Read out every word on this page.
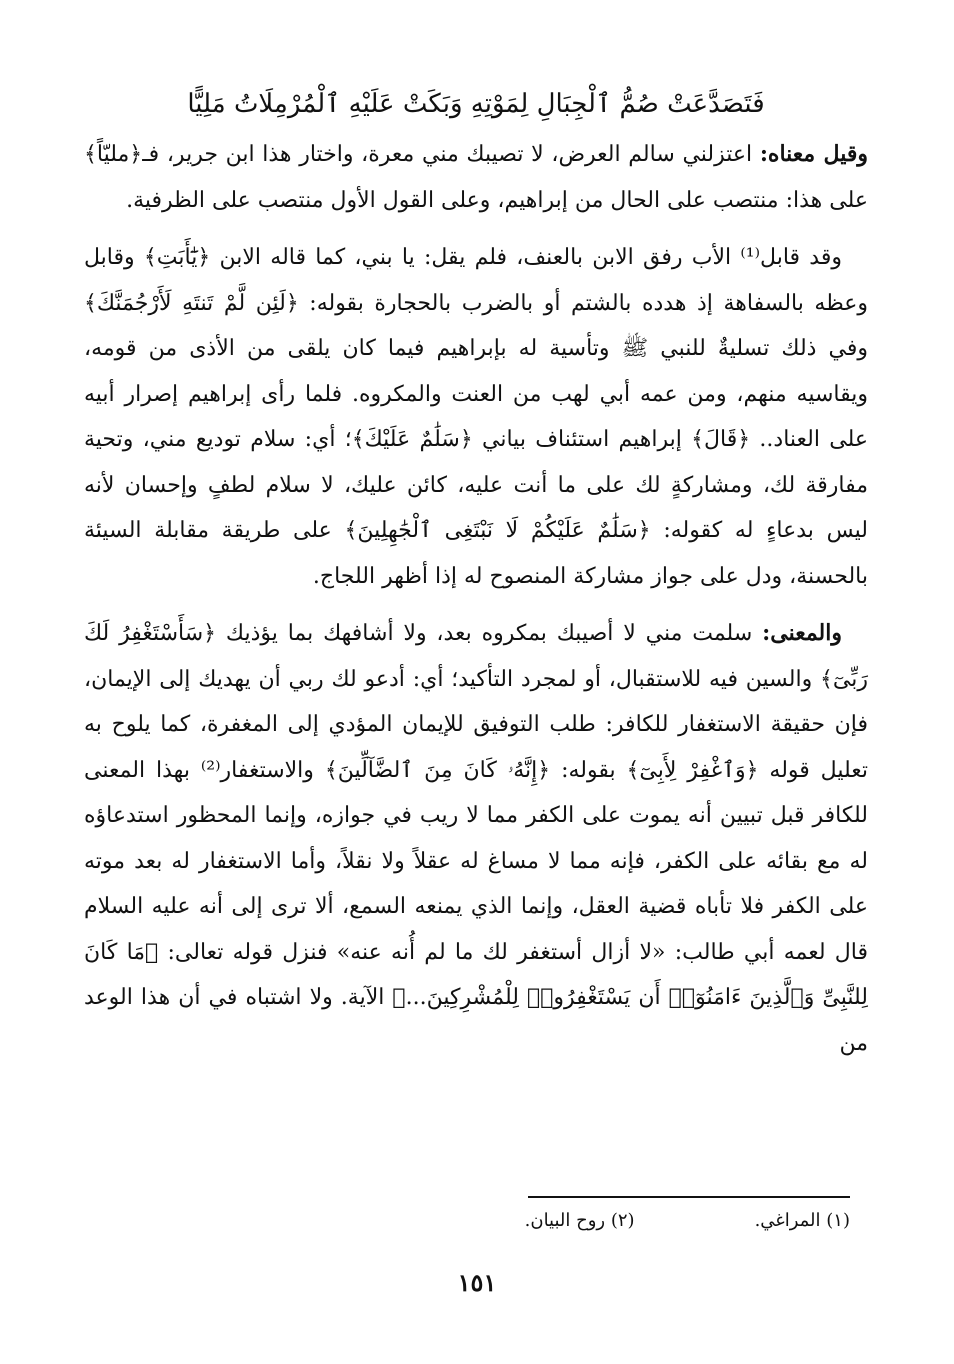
فَتَصَدَّعَتْ صُمُّ ٱلْجِبَالِ لِمَوْتِهِ وَبَكَتْ عَلَيْهِ ٱلْمُرْمِلَاتُ مَلِيًّا

وقيل معناه: اعتزلني سالم العرض، لا تصيبك مني معرة، واختار هذا ابن جرير، فـ﴿مليّاً﴾ على هذا: منتصب على الحال من إبراهيم، وعلى القول الأول منتصب على الظرفية.

وقد قابل⁽¹⁾ الأب رفق الابن بالعنف، فلم يقل: يا بني، كما قاله الابن ﴿يَٰٓأَبَتِ﴾ وقابل وعظه بالسفاهة إذ هدده بالشتم أو بالضرب بالحجارة بقوله: ﴿لَئِن لَّمْ تَنتَهِ لَأَرْجُمَنَّكَ﴾ وفي ذلك تسليةٌ للنبي ﷺ وتأسية له بإبراهيم فيما كان يلقى من الأذى من قومه، ويقاسيه منهم، ومن عمه أبي لهب من العنت والمكروه. فلما رأى إبراهيم إصرار أبيه على العناد.. ﴿قَالَ﴾ إبراهيم استئناف بياني ﴿سَلَٰمٌ عَلَيْكَ﴾؛ أي: سلام توديع مني، وتحية مفارقة لك، ومشاركةٍ لك على ما أنت عليه، كائن عليك، لا سلام لطفٍ وإحسان لأنه ليس بدعاءٍ له كقوله: ﴿سَلَٰمٌ عَلَيْكُمْ لَا نَبْتَغِى ٱلْجَٰهِلِينَ﴾ على طريقة مقابلة السيئة بالحسنة، ودل على جواز مشاركة المنصوح له إذا أظهر اللجاج.

والمعنى: سلمت مني لا أصيبك بمكروه بعد، ولا أشافهك بما يؤذيك ﴿سَأَسْتَغْفِرُ لَكَ رَبِّىٓ﴾ والسين فيه للاستقبال، أو لمجرد التأكيد؛ أي: أدعو لك ربي أن يهديك إلى الإيمان، فإن حقيقة الاستغفار للكافر: طلب التوفيق للإيمان المؤدي إلى المغفرة، كما يلوح به تعليل قوله ﴿وَٱغْفِرْ لِأَبِىٓ﴾ بقوله: ﴿إِنَّهُۥ كَانَ مِنَ ٱلضَّآلِّينَ﴾ والاستغفار⁽²⁾ بهذا المعنى للكافر قبل تبيين أنه يموت على الكفر مما لا ريب في جوازه، وإنما المحظور استدعاؤه له مع بقائه على الكفر، فإنه مما لا مساغ له عقلاً ولا نقلاً، وأما الاستغفار له بعد موته على الكفر فلا تأباه قضية العقل، وإنما الذي يمنعه السمع، ألا ترى إلى أنه عليه السلام قال لعمه أبي طالب: «لا أزال أستغفر لك ما لم أُنه عنه» فنزل قوله تعالى: ﴿مَا كَانَ لِلنَّبِىِّ وَٱلَّذِينَ ءَامَنُوٓا۟ أَن يَسْتَغْفِرُوا۟ لِلْمُشْرِكِينَ...﴾ الآية. ولا اشتباه في أن هذا الوعد من

(١) المراغي.
(٢) روح البيان.
١٥١
